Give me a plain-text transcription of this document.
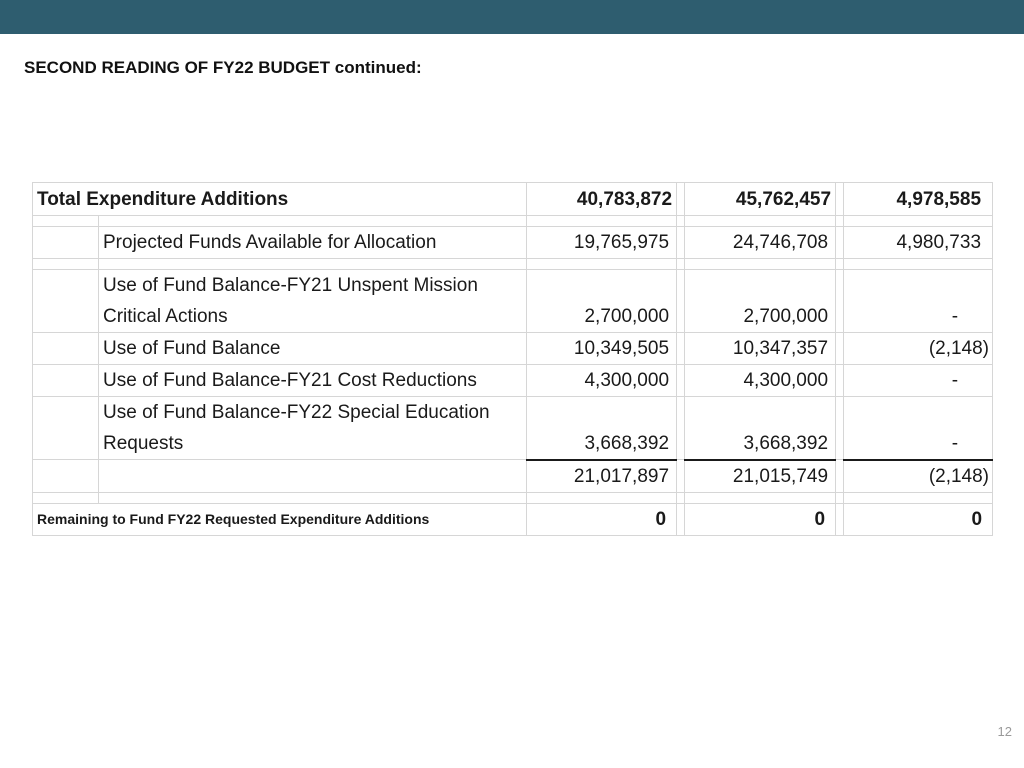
SECOND READING OF FY22 BUDGET continued:
Total Expenditure Additions		40,783,872		45,762,457		4,978,585

	Projected Funds Available for Allocation	19,765,975		24,746,708		4,980,733

	Use of Fund Balance-FY21 Unspent Mission Critical Actions	2,700,000		2,700,000		-
	Use of Fund Balance	10,349,505		10,347,357		(2,148)
	Use of Fund Balance-FY21 Cost Reductions	4,300,000		4,300,000		-
	Use of Fund Balance-FY22 Special Education Requests	3,668,392		3,668,392		-
		21,017,897		21,015,749		(2,148)

Remaining to Fund FY22 Requested Expenditure Additions		0		0		0
12
